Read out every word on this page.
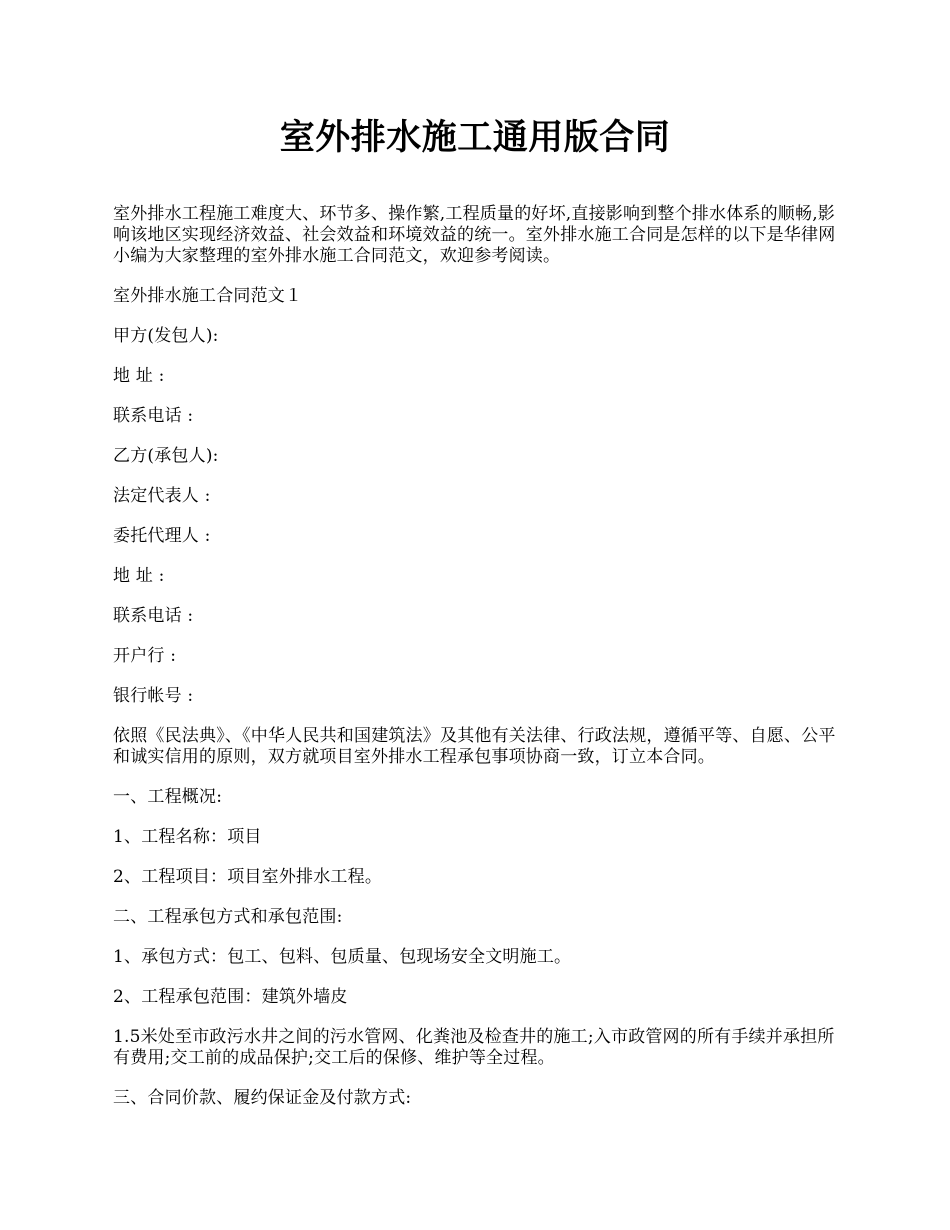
室外排水施工通用版合同

室外排水工程施工难度大、环节多、操作繁,工程质量的好坏,直接影响到整个排水体系的顺畅,影响该地区实现经济效益、社会效益和环境效益的统一。室外排水施工合同是怎样的以下是华律网小编为大家整理的室外排水施工合同范文，欢迎参考阅读。

室外排水施工合同范文１

甲方(发包人):

地 址 :

联系电话 :

乙方(承包人):

法定代表人 :

委托代理人 :

地 址 :

联系电话 :

开户行 :

银行帐号 :

依照《民法典》、《中华人民共和国建筑法》及其他有关法律、行政法规，遵循平等、自愿、公平和诚实信用的原则，双方就项目室外排水工程承包事项协商一致，订立本合同。

一、工程概况:

1、工程名称：项目

2、工程项目：项目室外排水工程。

二、工程承包方式和承包范围:

1、承包方式：包工、包料、包质量、包现场安全文明施工。

2、工程承包范围：建筑外墙皮

1.5米处至市政污水井之间的污水管网、化粪池及检查井的施工;入市政管网的所有手续并承担所有费用;交工前的成品保护;交工后的保修、维护等全过程。

三、合同价款、履约保证金及付款方式:
